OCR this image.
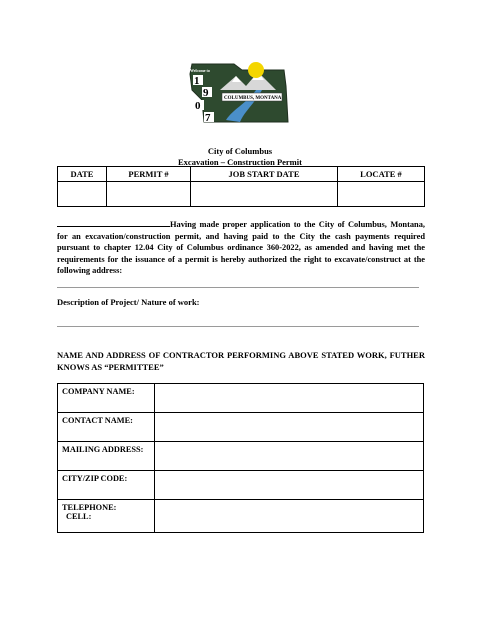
Welcome to
1
9
0
7
COLUMBUS, MONTANA
City of Columbus
Excavation – Construction Permit
DATE	PERMIT #	JOB START DATE	LOCATE #

Having made proper application to the City of Columbus, Montana, for an excavation/construction permit, and having paid to the City the cash payments required pursuant to chapter 12.04 City of Columbus ordinance 360-2022, as amended and having met the requirements for the issuance of a permit is hereby authorized the right to excavate/construct at the following address:
Description of Project/ Nature of work:
NAME AND ADDRESS OF CONTRACTOR PERFORMING ABOVE STATED WORK, FUTHER KNOWS AS “PERMITTEE”
COMPANY NAME:	
CONTACT NAME:	
MAILING ADDRESS:	
CITY/ZIP CODE:	
TELEPHONE:
CELL:	
